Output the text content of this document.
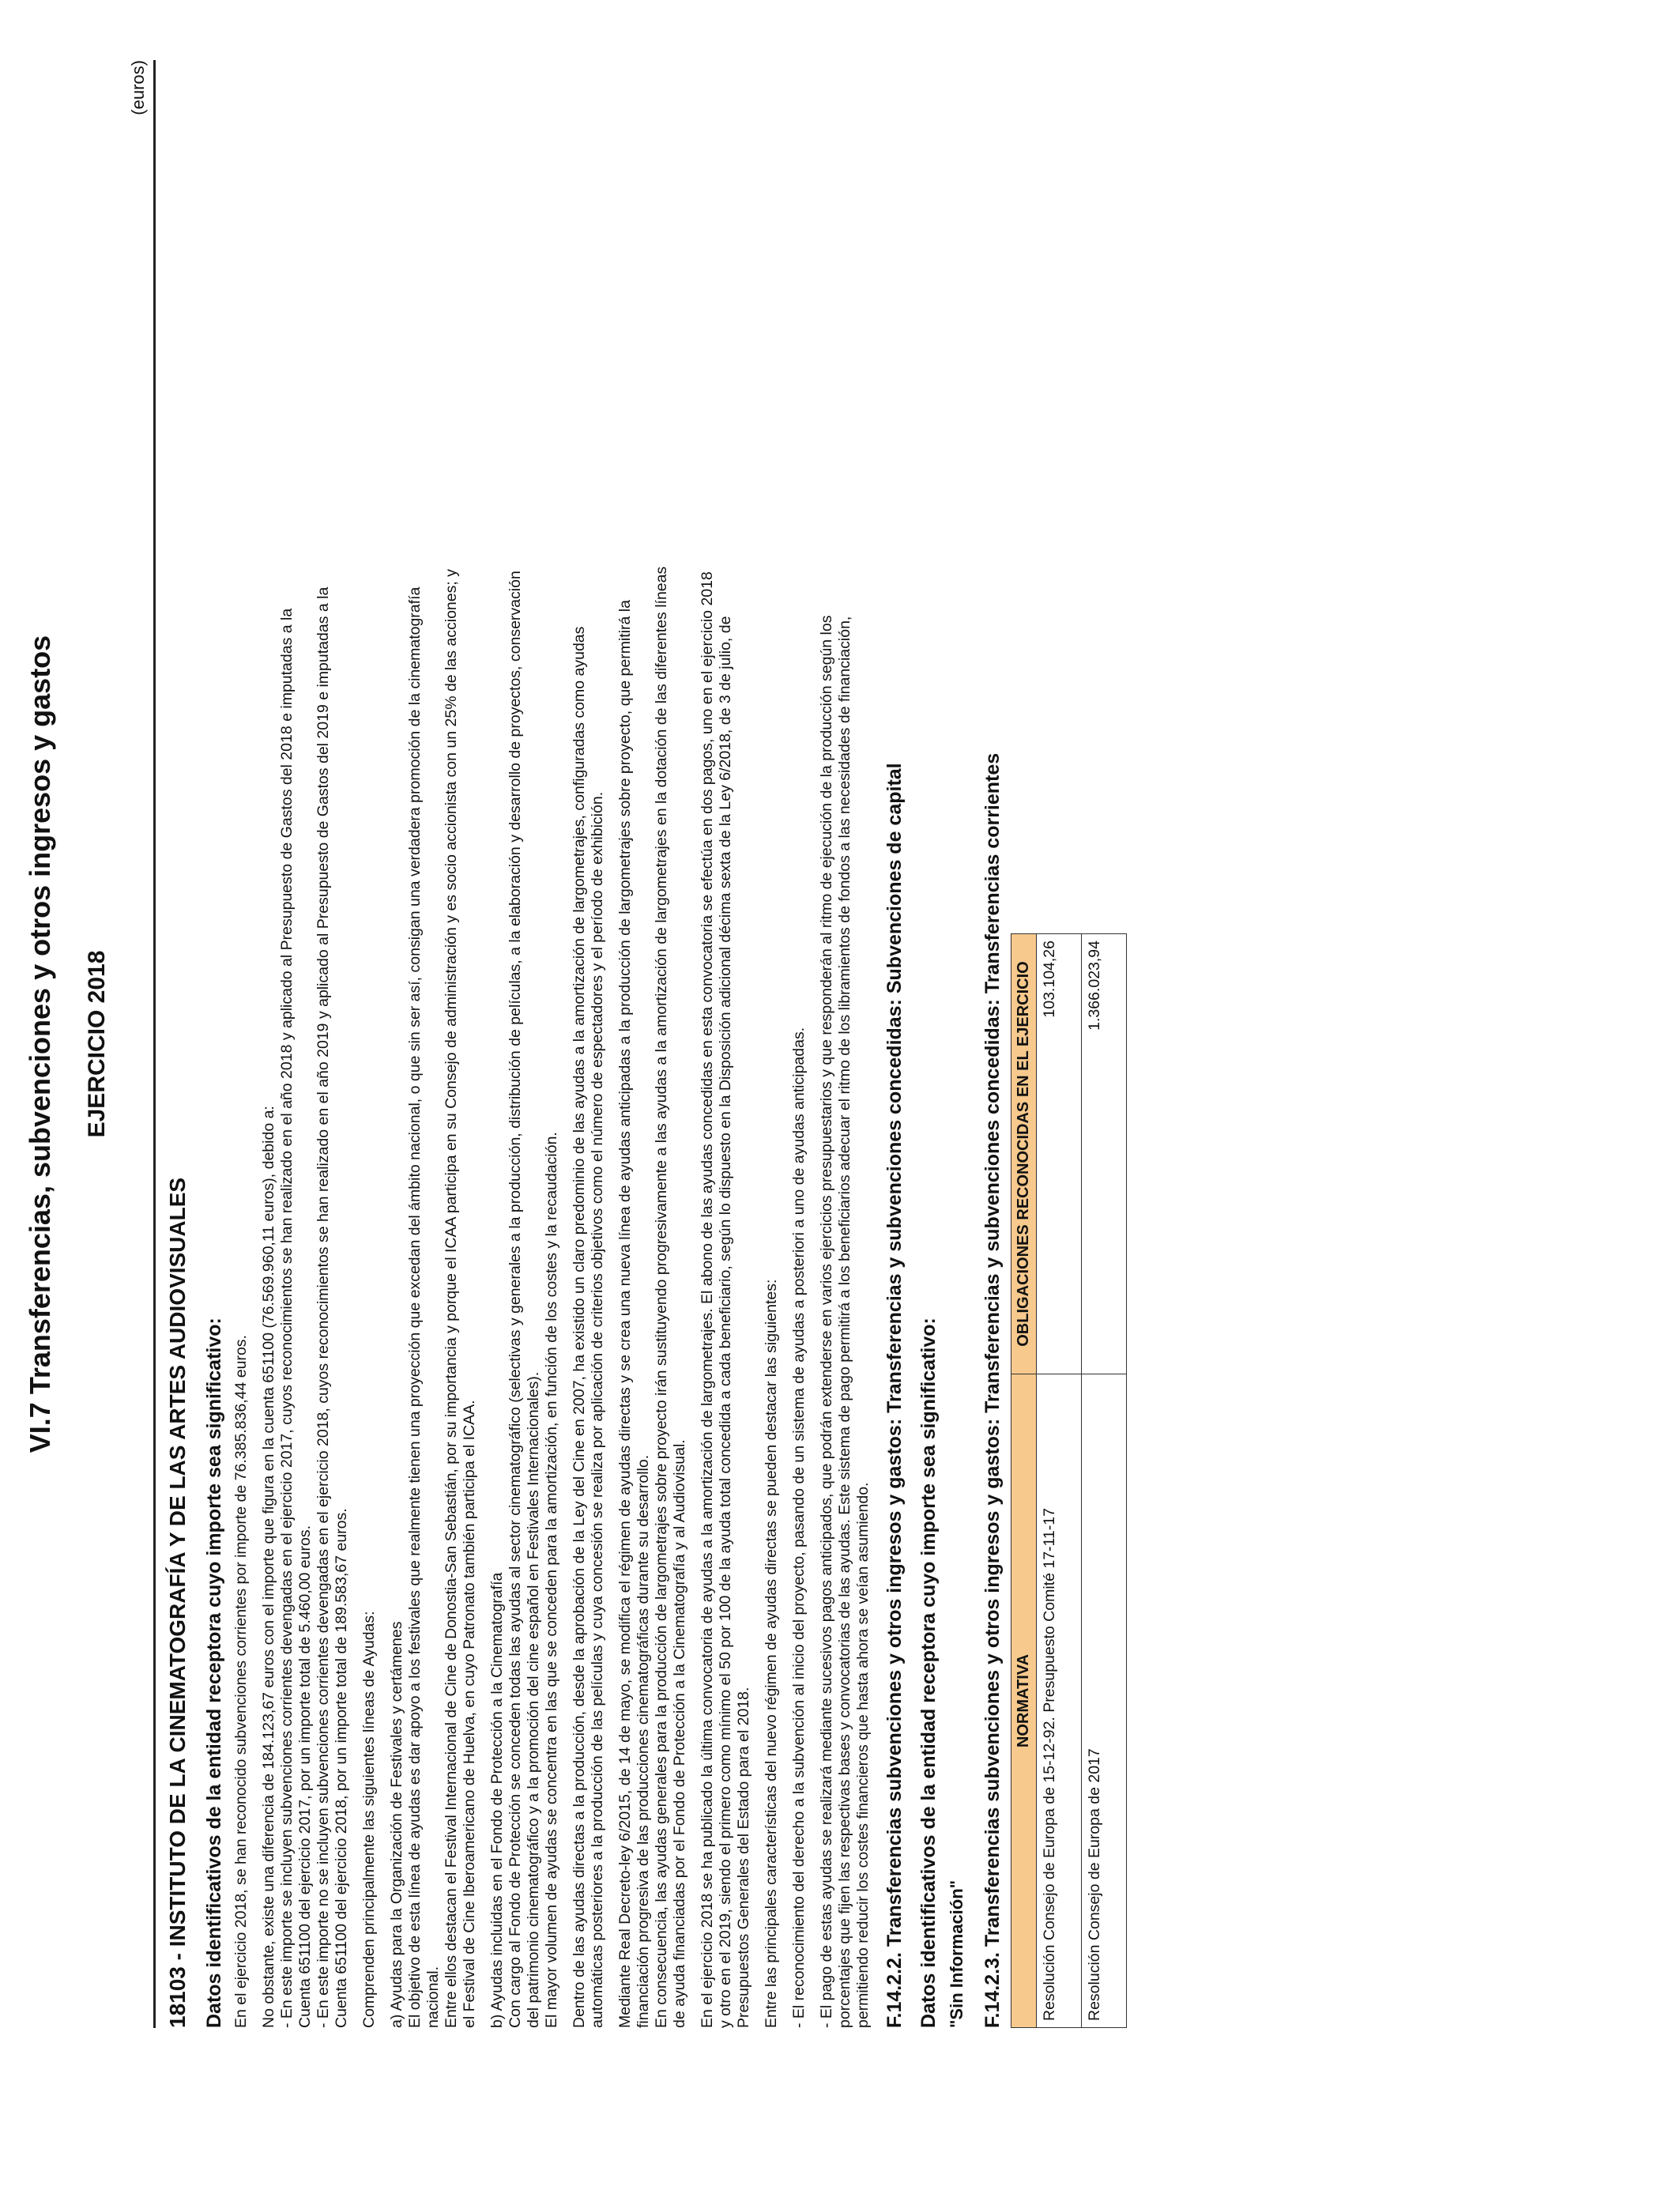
VI.7 Transferencias, subvenciones y otros ingresos y gastos EJERCICIO 2018
(euros)
18103 - INSTITUTO DE LA CINEMATOGRAFÍA Y DE LAS ARTES AUDIOVISUALES Datos identificativos de la entidad receptora cuyo importe sea significativo: En el ejercicio 2018, se han reconocido subvenciones corrientes por importe de 76.385.836,44 euros. No obstante, existe una diferencia de 184.123,67 euros con el importe que figura en la cuenta 651100 (76.569.960,11 euros), debido a: - En este importe se incluyen subvenciones corrientes devengadas en el ejercicio 2017, cuyos reconocimientos se han realizado en el año 2018 y aplicado al Presupuesto de Gastos del 2018 e imputadas a la Cuenta 651100 del ejercicio 2017, por un importe total de 5.460,00 euros. - En este importe no se incluyen subvenciones corrientes devengadas en el ejercicio 2018, cuyos reconocimientos se han realizado en el año 2019 y aplicado al Presupuesto de Gastos del 2019 e imputadas a la Cuenta 651100 del ejercicio 2018, por un importe total de 189.583,67 euros. Comprenden principalmente las siguientes líneas de Ayudas: a) Ayudas para la Organización de Festivales y certámenes El objetivo de esta línea de ayudas es dar apoyo a los festivales que realmente tienen una proyección que excedan del ámbito nacional, o que sin ser así, consigan una verdadera promoción de la cinematografía nacional. Entre ellos destacan el Festival Internacional de Cine de Donostia-San Sebastián, por su importancia y porque el ICAA participa en su Consejo de administración y es socio accionista con un 25% de las acciones; y el Festival de Cine Iberoamericano de Huelva, en cuyo Patronato también participa el ICAA. b) Ayudas incluidas en el Fondo de Protección a la Cinematografía Con cargo al Fondo de Protección se conceden todas las ayudas al sector cinematográfico (selectivas y generales a la producción, distribución de películas, a la elaboración y desarrollo de proyectos, conservación del patrimonio cinematográfico y a la promoción del cine español en Festivales Internacionales). El mayor volumen de ayudas se concentra en las que se conceden para la amortización, en función de los costes y la recaudación. Dentro de las ayudas directas a la producción, desde la aprobación de la Ley del Cine en 2007, ha existido un claro predominio de las ayudas a la amortización de largometrajes, configuradas como ayudas automáticas posteriores a la producción de las películas y cuya concesión se realiza por aplicación de criterios objetivos como el número de espectadores y el período de exhibición. Mediante Real Decreto-ley 6/2015, de 14 de mayo, se modifica el régimen de ayudas directas y se crea una nueva línea de ayudas anticipadas a la producción de largometrajes sobre proyecto, que permitirá la financiación progresiva de las producciones cinematográficas durante su desarrollo. En consecuencia, las ayudas generales para la producción de largometrajes sobre proyecto irán sustituyendo progresivamente a las ayudas a la amortización de largometrajes en la dotación de las diferentes líneas de ayuda financiadas por el Fondo de Protección a la Cinematografía y al Audiovisual. En el ejercicio 2018 se ha publicado la última convocatoria de ayudas a la amortización de largometrajes. El abono de las ayudas concedidas en esta convocatoria se efectúa en dos pagos, uno en el ejercicio 2018 y otro en el 2019, siendo el primero como mínimo el 50 por 100 de la ayuda total concedida a cada beneficiario, según lo dispuesto en la Disposición adicional décima sexta de la Ley 6/2018, de 3 de julio, de Presupuestos Generales del Estado para el 2018. Entre las principales características del nuevo régimen de ayudas directas se pueden destacar las siguientes: - El reconocimiento del derecho a la subvención al inicio del proyecto, pasando de un sistema de ayudas a posteriori a uno de ayudas anticipadas. - El pago de estas ayudas se realizará mediante sucesivos pagos anticipados, que podrán extenderse en varios ejercicios presupuestarios y que responderán al ritmo de ejecución de la producción según los porcentajes que fijen las respectivas bases y convocatorias de las ayudas. Este sistema de pago permitirá a los beneficiarios adecuar el ritmo de los libramientos de fondos a las necesidades de financiación, permitiendo reducir los costes financieros que hasta ahora se veían asumiendo. F.14.2.2. Transferencias subvenciones y otros ingresos y gastos: Transferencias y subvenciones concedidas: Subvenciones de capital Datos identificativos de la entidad receptora cuyo importe sea significativo: "Sin Información" F.14.2.3. Transferencias subvenciones y otros ingresos y gastos: Transferencias y subvenciones concedidas: Transferencias corrientes NORMATIVA	OBLIGACIONES RECONOCIDAS EN EL EJERCICIO
Resolución Consejo de Europa de 15-12-92. Presupuesto Comité 17-11-17	103.104,26
Resolución Consejo de Europa de 2017	1.366.023,94
